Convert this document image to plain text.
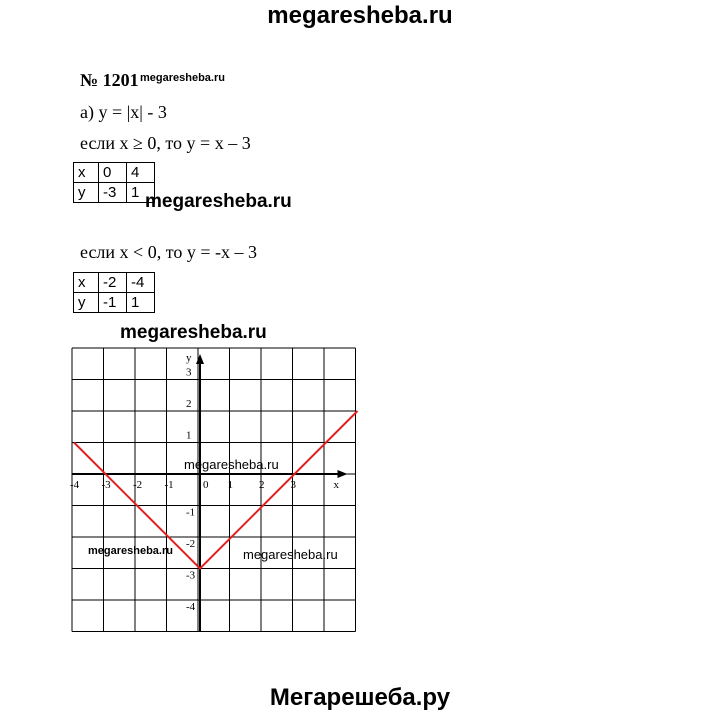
megaresheba.ru
№ 1201 megaresheba.ru
а) y = |x| - 3
если x ≥ 0, то y = x – 3
x	0	4
y	-3	1 megaresheba.ru
если x < 0, то y = -x – 3
x	-2	-4
y	-1	1
megaresheba.ru
x
y
-4 -3 -2 -1	0 1 2 3
3
2
1
-1
-2
-3
-4
megaresheba.ru
megaresheba.ru	megaresheba.ru
Мегарешеба.ру
